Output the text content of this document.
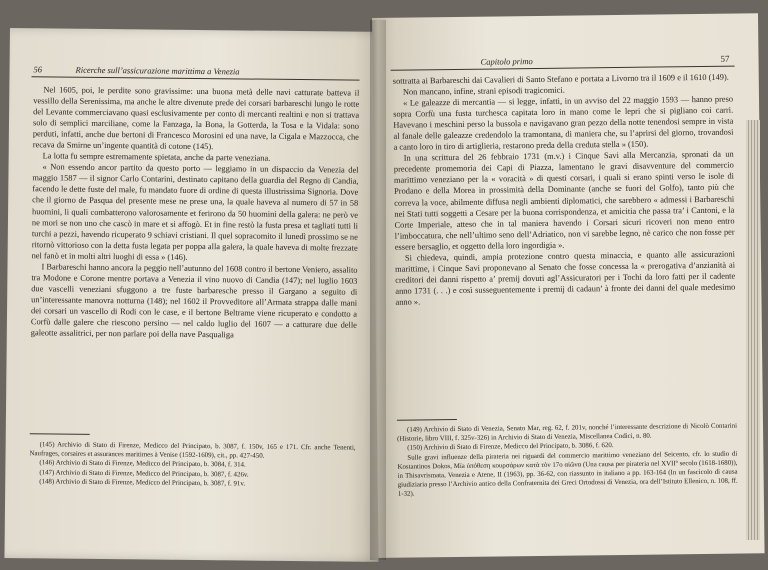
56	Ricerche sull’assicurazione marittima a Venezia

Nel 1605, poi, le perdite sono gravissime: una buona metà delle navi catturate batteva il vessillo della Serenissima, ma anche le altre divenute prede dei corsari barbareschi lungo le rotte del Levante commerciavano quasi esclusivamente per conto di mercanti realtini e non si trattava solo di semplici marciliane, come la Fanzaga, la Bona, la Gotterda, la Tosa e la Vidala: sono perduti, infatti, anche due bertoni di Francesco Morosini ed una nave, la Cigala e Mazzocca, che recava da Smirne un’ingente quantità di cotone (145).

La lotta fu sempre estremamente spietata, anche da parte veneziana.

« Non essendo ancor partito da questo porto — leggiamo in un dispaccio da Venezia del maggio 1587 — il signor Carlo Contarini, destinato capitano della guardia del Regno di Candia, facendo le dette fuste del male, fu mandato fuore di ordine di questa illustrissima Signoria. Dove che il giorno de Pasqua del presente mese ne prese una, la quale haveva al numero di 57 in 58 huomini, li quali combatterono valorosamente et ferirono da 50 huomini della galera: ne però ve ne mori se non uno che cascò in mare et si affogò. Et in fine restò la fusta presa et tagliati tutti li turchi a pezzi, havendo ricuperato 9 schiavi cristiani. Il quel sopracomito il lunedì prossimo se ne ritornò vittorioso con la detta fusta legata per poppa alla galera, la quale haveva di molte frezzate nel fanò et in molti altri luoghi di essa » (146).

I Barbareschi hanno ancora la peggio nell’autunno del 1608 contro il bertone Veniero, assalito tra Modone e Corone mentre portava a Venezia il vino nuovo di Candia (147); nel luglio 1603 due vascelli veneziani sfuggono a tre fuste barbaresche presso il Gargano a seguito di un’interessante manovra notturna (148); nel 1602 il Provveditore all’Armata strappa dalle mani dei corsari un vascello di Rodi con le case, e il bertone Beltrame viene ricuperato e condotto a Corfù dalle galere che riescono persino — nel caldo luglio del 1607 — a catturare due delle galeotte assalitrici, per non parlare poi della nave Pasqualiga

(145) Archivio di Stato di Firenze, Medicco del Principato, b. 3087, f. 150v, 165 e 171. Cfr. anche Tenenti, Naufrages, corsaires et assurances maritimes à Venise (1592-1609), cit., pp. 427-450.

(146) Archivio di Stato di Firenze, Medicco del Principato, b. 3084, f. 314.

(147) Archivio di Stato di Firenze, Medicco del Principato, b. 3087, f. 426v.

(148) Archivio di Stato di Firenze, Medicco del Principato, b. 3087, f. 91v.

Capitolo primo	57

sottratta ai Barbareschi dai Cavalieri di Santo Stefano e portata a Livorno tra il 1609 e il 1610 (149).

Non mancano, infine, strani episodi tragicomici.

« Le galeazze di mercantia — si legge, infatti, in un avviso del 22 maggio 1593 — hanno preso sopra Corfù una fusta turchesca capitata loro in mano come le lepri che si pigliano coi carri. Havevano i meschini perso la bussola e navigavano gran pezzo della notte tenendosi sempre in vista al fanale delle galeazze credendolo la tramontana, di maniera che, su l’aprirsi del giorno, trovandosi a canto loro in tiro di artiglieria, restarono preda della creduta stella » (150).

In una scrittura del 26 febbraio 1731 (m.v.) i Cinque Savi alla Mercanzia, spronati da un precedente promemoria dei Capi di Piazza, lamentano le gravi disavventure del commercio marittimo veneziano per la « voracità » di questi corsari, i quali si erano spinti verso le isole di Prodano e della Morea in prossimità della Dominante (anche se fuori del Golfo), tanto più che correva la voce, abilmente diffusa negli ambienti diplomatici, che sarebbero « admessi i Barbareschi nei Stati tutti soggetti a Cesare per la buona corrispondenza, et amicitia che passa tra’ i Cantoni, e la Corte Imperiale, atteso che in tal maniera havendo i Corsari sicuri ricoveri non meno entro l’imboccatura, che nell’ultimo seno dell’Adriatico, non vi sarebbe legno, nè carico che non fosse per essere bersaglio, et oggetto della loro ingordigia ».

Si chiedeva, quindi, ampia protezione contro questa minaccia, e quanto alle assicurazioni marittime, i Cinque Savi proponevano al Senato che fosse concessa la « prerogativa d’anzianità ai creditori dei danni rispetto a’ premij dovuti agl’Assicuratori per i Tochi da loro fatti per il cadente anno 1731 (. . .) e così susseguentemente i premij di cadaun’ à fronte dei danni del quale medesimo anno ».

(149) Archivio di Stato di Venezia, Senato Mar, reg. 62, f. 201v, nonché l’interessante descrizione di Nicolò Contarini (Historie, libro VIII, f. 325v-326) in Archivio di Stato di Venezia, Miscellanea Codici, n. 80.

(150) Archivio di Stato di Firenze, Medicco del Principato, b. 3086, f. 620.

Sulle gravi influenze della pirateria nei riguardi del commercio marittimo veneziano del Seicento, cfr. lo studio di Kostantinos Dokos, Mía ὑπόθεση κουρσάρων κατὰ τὸν 17ο αἰῶνα (Una causa per pirateria nel XVIIº secolo (1618-1680)), in Thisavrismata, Venezia e Atene, II (1963), pp. 36-62, con riassunto in italiano a pp. 163-164 (In un fascicolo di causa giudiziaria presso l’Archivio antico della Confraternita dei Greci Ortodossi di Venezia, ora dell’Istituto Ellenico, n. 108, ff. 1-32).
